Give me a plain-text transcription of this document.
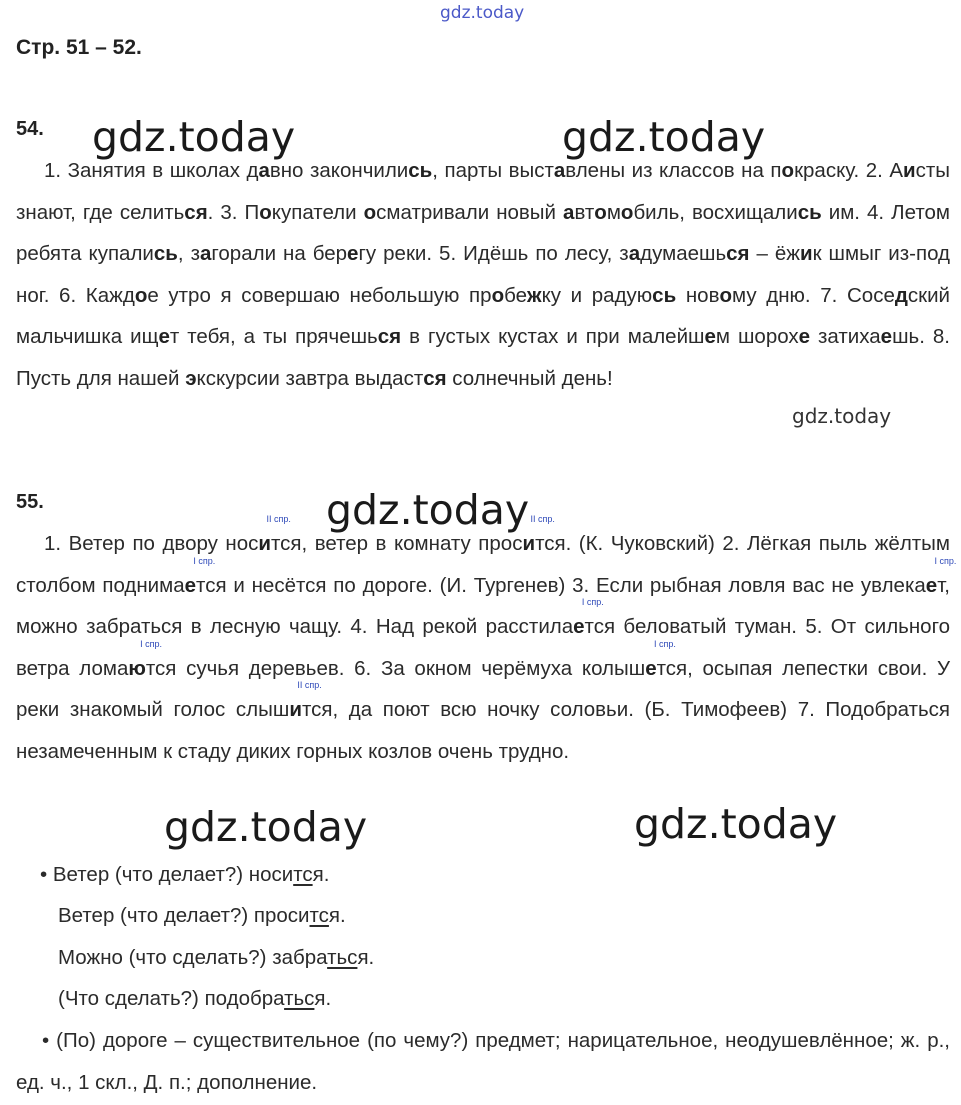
gdz.today
Стр. 51 – 52.
54. gdz.today	gdz.today

1. Занятия в школах давно закончились, парты выставлены из классов на покраску. 2. Аисты знают, где селиться. 3. Покупатели осматривали новый автомобиль, восхищались им. 4. Летом ребята купались, загорали на берегу реки. 5. Идёшь по лесу, задумаешься – ёжик шмыг из-под ног. 6. Каждое утро я совершаю небольшую пробежку и радуюсь новому дню. 7. Соседский мальчишка ищет тебя, а ты прячешься в густых кустах и при малейшем шорохе затихаешь. 8. Пусть для нашей экскурсии завтра выдастся солнечный день!

gdz.today
55.	gdz.today

1. Ветер по двору носи
II спр.
тся, ветер в комнату проси
II спр.
тся. (К. Чуковский) 2. Лёгкая пыль жёлтым столбом поднимае
I спр.
тся и несётся по дороге. (И. Тургенев) 3. Если рыбная ловля вас не увлекае
I спр.
т, можно забраться в лесную чащу. 4. Над рекой расстилае
I спр.
тся беловатый туман. 5. От сильного ветра ломаю
I спр.
тся сучья деревьев. 6. За окном черёмуха колыше
I спр.
тся, осыпая лепестки свои. У реки знакомый голос слыши
II спр.
тся, да поют всю ночку соловьи. (Б. Тимофеев) 7. Подобраться незамеченным к стаду диких горных козлов очень трудно.

gdz.today	gdz.today
• Ветер (что делает?) носится.
Ветер (что делает?) просится.
Можно (что сделать?) забраться.
(Что сделать?) подобраться.

• (По) дороге – существительное (по чему?) предмет; нарицательное, неодушевлённое; ж. р., ед. ч., 1 скл., Д. п.; дополнение.
